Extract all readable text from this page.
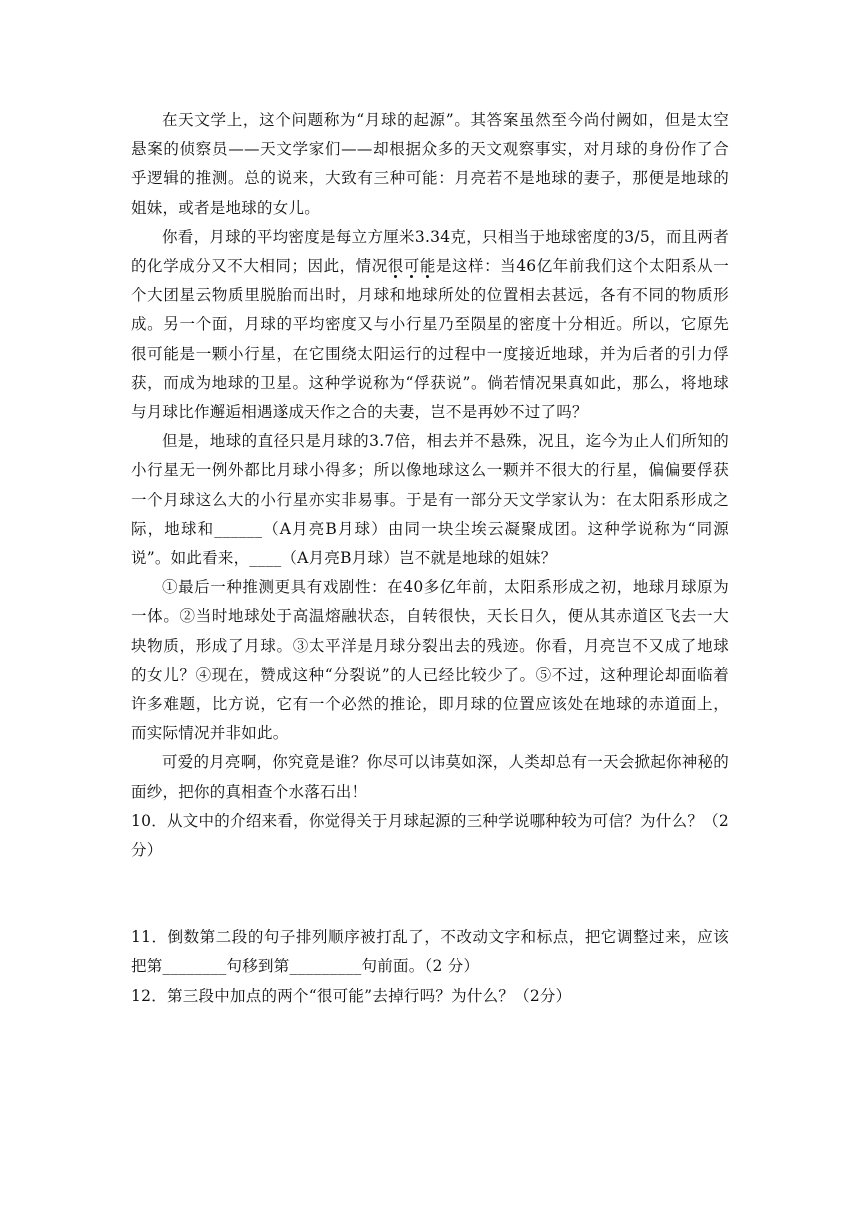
在天文学上，这个问题称为“月球的起源”。其答案虽然至今尚付阙如，但是太空悬案的侦察员——天文学家们——却根据众多的天文观察事实，对月球的身份作了合乎逻辑的推测。总的说来，大致有三种可能：月亮若不是地球的妻子，那便是地球的姐妹，或者是地球的女儿。

你看，月球的平均密度是每立方厘米3.34克，只相当于地球密度的3/5，而且两者的化学成分又不大相同；因此，情况很可能是这样：当46亿年前我们这个太阳系从一个大团星云物质里脱胎而出时，月球和地球所处的位置相去甚远，各有不同的物质形成。另一个面，月球的平均密度又与小行星乃至陨星的密度十分相近。所以，它原先很可能是一颗小行星，在它围绕太阳运行的过程中一度接近地球，并为后者的引力俘获，而成为地球的卫星。这种学说称为“俘获说”。倘若情况果真如此，那么，将地球与月球比作邂逅相遇遂成天作之合的夫妻，岂不是再妙不过了吗？

但是，地球的直径只是月球的3.7倍，相去并不悬殊，况且，迄今为止人们所知的小行星无一例外都比月球小得多；所以像地球这么一颗并不很大的行星，偏偏要俘获一个月球这么大的小行星亦实非易事。于是有一部分天文学家认为：在太阳系形成之际，地球和______（A月亮B月球）由同一块尘埃云凝聚成团。这种学说称为“同源说”。如此看来，____（A月亮B月球）岂不就是地球的姐妹？

①最后一种推测更具有戏剧性：在40多亿年前，太阳系形成之初，地球月球原为一体。②当时地球处于高温熔融状态，自转很快，天长日久，便从其赤道区飞去一大块物质，形成了月球。③太平洋是月球分裂出去的残迹。你看，月亮岂不又成了地球的女儿？④现在，赞成这种“分裂说”的人已经比较少了。⑤不过，这种理论却面临着许多难题，比方说，它有一个必然的推论，即月球的位置应该处在地球的赤道面上，而实际情况并非如此。

可爱的月亮啊，你究竟是谁？你尽可以讳莫如深，人类却总有一天会掀起你神秘的面纱，把你的真相查个水落石出！

10．从文中的介绍来看，你觉得关于月球起源的三种学说哪种较为可信？为什么？（2分）

11．倒数第二段的句子排列顺序被打乱了，不改动文字和标点，把它调整过来，应该把第________句移到第_________句前面。（2 分）

12．第三段中加点的两个“很可能”去掉行吗？为什么？（2分）
